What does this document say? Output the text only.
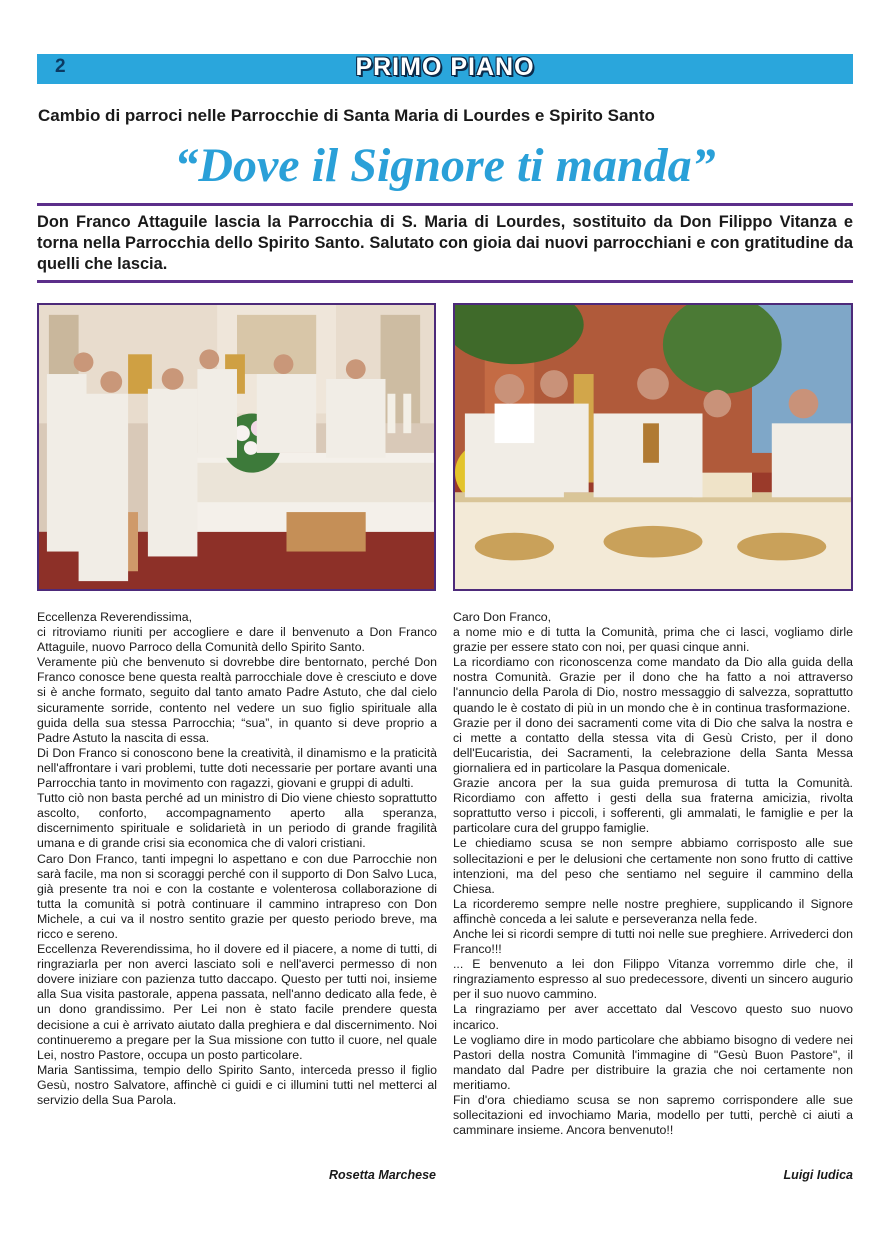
2	PRIMO PIANO
Cambio di parroci nelle Parrocchie di Santa Maria di Lourdes e Spirito Santo
“Dove il Signore ti manda”
Don Franco Attaguile lascia la Parrocchia di S. Maria di Lourdes, sostituito da Don Filippo Vitanza e torna nella Parrocchia dello Spirito Santo. Salutato con gioia dai nuovi parrocchiani e con gratitudine da quelli che lascia.

Eccellenza Reverendissima,

ci ritroviamo riuniti per accogliere e dare il benvenuto a Don Franco Attaguile, nuovo Parroco della Comunità dello Spirito Santo.

Veramente più che benvenuto si dovrebbe dire bentornato, perché Don Franco conosce bene questa realtà parrocchiale dove è cresciuto e dove si è anche formato, seguito dal tanto amato Padre Astuto, che dal cielo sicuramente sorride, contento nel vedere un suo figlio spirituale alla guida della sua stessa Parrocchia; “sua”, in quanto si deve proprio a Padre Astuto la nascita di essa.

Di Don Franco si conoscono bene la creatività, il dinamismo e la praticità nell'affrontare i vari problemi, tutte doti necessarie per portare avanti una Parrocchia tanto in movimento con ragazzi, giovani e gruppi di adulti.

Tutto ciò non basta perché ad un ministro di Dio viene chiesto soprattutto ascolto, conforto, accompagnamento aperto alla speranza, discernimento spirituale e solidarietà in un periodo di grande fragilità umana e di grande crisi sia economica che di valori cristiani.

Caro Don Franco, tanti impegni lo aspettano e con due Parrocchie non sarà facile, ma non si scoraggi perché con il supporto di Don Salvo Luca, già presente tra noi e con la costante e volenterosa collaborazione di tutta la comunità si potrà continuare il cammino intrapreso con Don Michele, a cui va il nostro sentito grazie per questo periodo breve, ma ricco e sereno.

Eccellenza Reverendissima, ho il dovere ed il piacere, a nome di tutti, di ringraziarla per non averci lasciato soli e nell'averci permesso di non dovere iniziare con pazienza tutto daccapo. Questo per tutti noi, insieme alla Sua visita pastorale, appena passata, nell'anno dedicato alla fede, è un dono grandissimo. Per Lei non è stato facile prendere questa decisione a cui è arrivato aiutato dalla preghiera e dal discernimento. Noi continueremo a pregare per la Sua missione con tutto il cuore, nel quale Lei, nostro Pastore, occupa un posto particolare.

Maria Santissima, tempio dello Spirito Santo, interceda presso il figlio Gesù, nostro Salvatore, affinchè ci guidi e ci illumini tutti nel metterci al servizio della Sua Parola.

Caro Don Franco,

a nome mio e di tutta la Comunità, prima che ci lasci, vogliamo dirle grazie per essere stato con noi, per quasi cinque anni.

La ricordiamo con riconoscenza come mandato da Dio alla guida della nostra Comunità. Grazie per il dono che ha fatto a noi attraverso l'annuncio della Parola di Dio, nostro messaggio di salvezza, soprattutto quando le è costato di più in un mondo che è in continua trasformazione.

Grazie per il dono dei sacramenti come vita di Dio che salva la nostra e ci mette a contatto della stessa vita di Gesù Cristo, per il dono dell'Eucaristia, dei Sacramenti, la celebrazione della Santa Messa giornaliera ed in particolare la Pasqua domenicale.

Grazie ancora per la sua guida premurosa di tutta la Comunità. Ricordiamo con affetto i gesti della sua fraterna amicizia, rivolta soprattutto verso i piccoli, i sofferenti, gli ammalati, le famiglie e per la particolare cura del gruppo famiglie.

Le chiediamo scusa se non sempre abbiamo corrisposto alle sue sollecitazioni e per le delusioni che certamente non sono frutto di cattive intenzioni, ma del peso che sentiamo nel seguire il cammino della Chiesa.

La ricorderemo sempre nelle nostre preghiere, supplicando il Signore affinchè conceda a lei salute e perseveranza nella fede.

Anche lei si ricordi sempre di tutti noi nelle sue preghiere. Arrivederci don Franco!!!

... E benvenuto a lei don Filippo Vitanza vorremmo dirle che, il ringraziamento espresso al suo predecessore, diventi un sincero augurio per il suo nuovo cammino.

La ringraziamo per aver accettato dal Vescovo questo suo nuovo incarico.

Le vogliamo dire in modo particolare che abbiamo bisogno di vedere nei Pastori della nostra Comunità l'immagine di "Gesù Buon Pastore", il mandato dal Padre per distribuire la grazia che noi certamente non meritiamo.

Fin d'ora chiediamo scusa se non sapremo corrispondere alle sue sollecitazioni ed invochiamo Maria, modello per tutti, perchè ci aiuti a camminare insieme. Ancora benvenuto!!

Rosetta Marchese	Luigi Iudica
